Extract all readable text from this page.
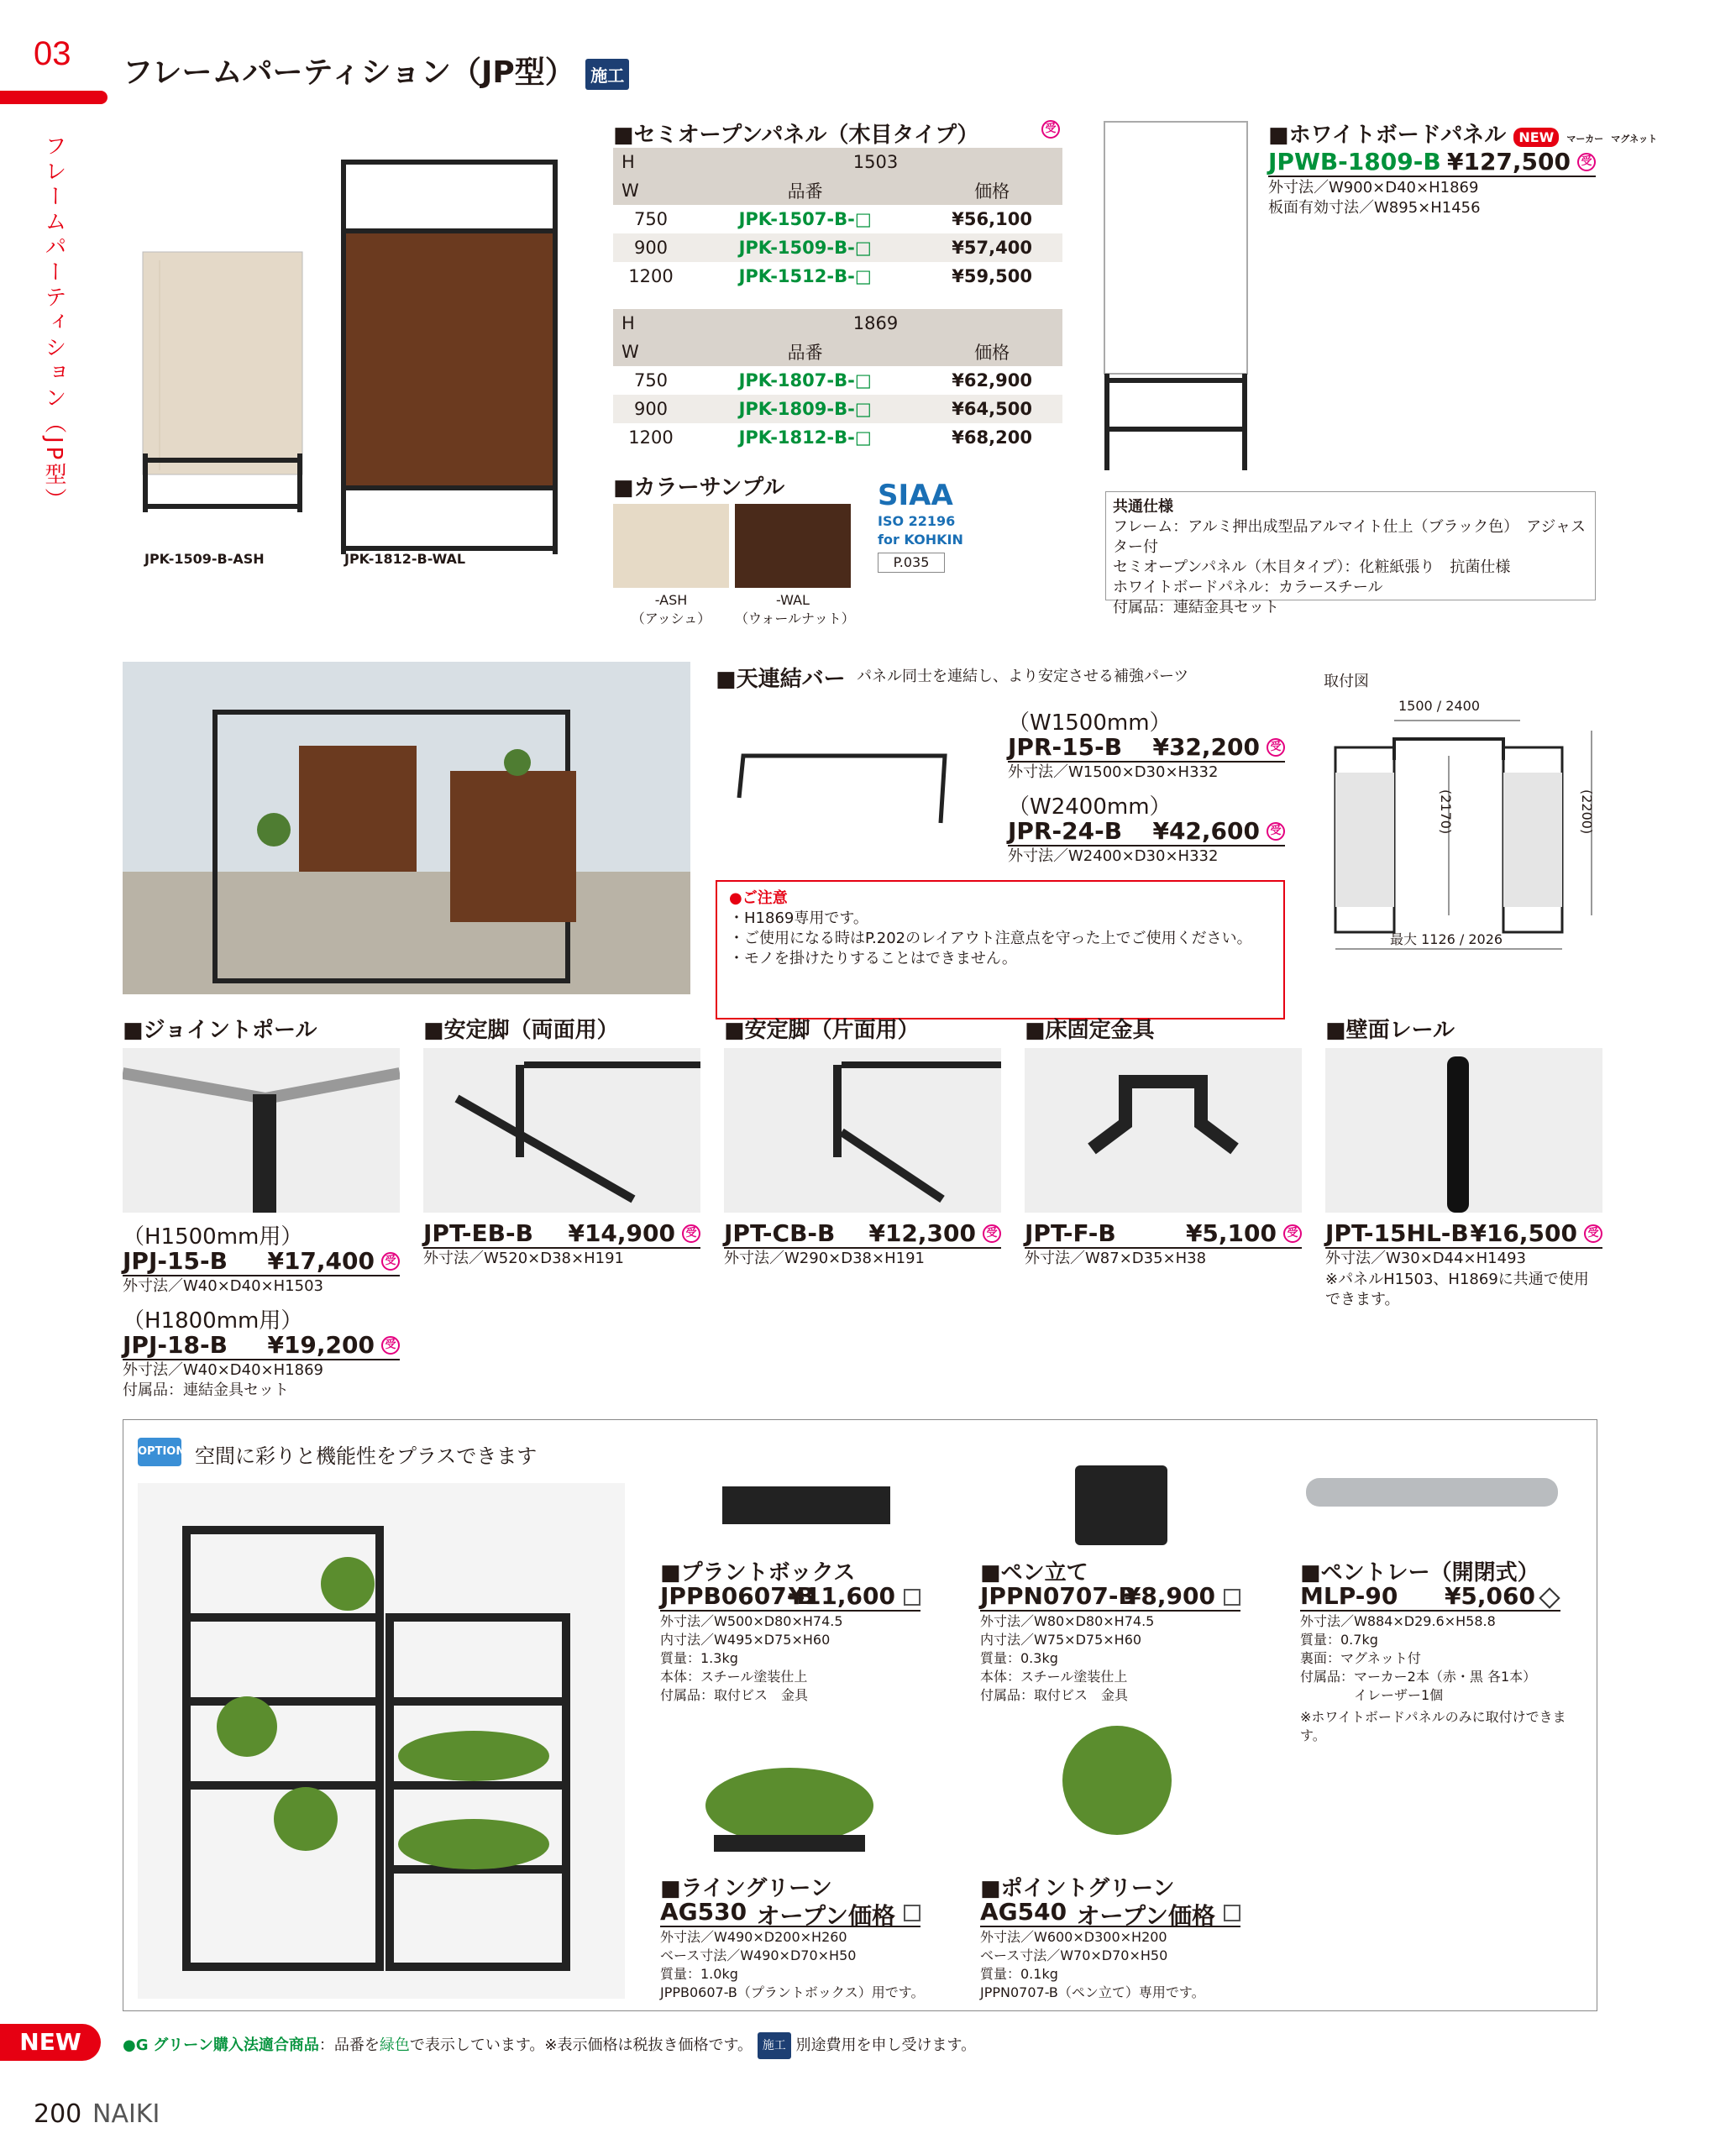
03
フレームパーティション（JP型）
フレームパーティション（JP型） 施工
JPK-1509-B-ASH	JPK-1812-B-WAL
■セミオープンパネル（木目タイプ）	受
H	1503	
W	品番	価格
750	JPK-1507-B-□	¥56,100
900	JPK-1509-B-□	¥57,400
1200	JPK-1512-B-□	¥59,500
H	1869	
W	品番	価格
750	JPK-1807-B-□	¥62,900
900	JPK-1809-B-□	¥64,500
1200	JPK-1812-B-□	¥68,200
■カラーサンプル
-ASH
（アッシュ）
-WAL
（ウォールナット）
SIAA
ISO 22196
for KOHKIN
P.035
■ホワイトボードパネル NEW マーカー マグネット
JPWB-1809-B ¥127,500 受
外寸法／W900×D40×H1869
板面有効寸法／W895×H1456
共通仕様
フレーム：アルミ押出成型品アルマイト仕上（ブラック色）　アジャスター付
セミオープンパネル（木目タイプ）：化粧紙張り　抗菌仕様
ホワイトボードパネル：カラースチール
付属品：連結金具セット
■天連結バー パネル同士を連結し、より安定させる補強パーツ
（W1500mm）
JPR-15-B ¥32,200 受
外寸法／W1500×D30×H332
（W2400mm）
JPR-24-B ¥42,600 受
外寸法／W2400×D30×H332
取付図
1500 / 2400
(2170)	(2200)
最大 1126 / 2026
●ご注意
・H1869専用です。
・ご使用になる時はP.202のレイアウト注意点を守った上でご使用ください。
・モノを掛けたりすることはできません。
■ジョイントポール	■安定脚（両面用）	■安定脚（片面用）	■床固定金具	■壁面レール
（H1500mm用）
JPJ-15-B ¥17,400 受
外寸法／W40×D40×H1503
（H1800mm用）
JPJ-18-B ¥19,200 受
外寸法／W40×D40×H1869
付属品：連結金具セット
JPT-EB-B ¥14,900 受
外寸法／W520×D38×H191
JPT-CB-B ¥12,300 受
外寸法／W290×D38×H191
JPT-F-B	¥5,100 受
外寸法／W87×D35×H38
JPT-15HL-B ¥16,500 受
外寸法／W30×D44×H1493
※パネルH1503、H1869に共通で使用できます。
OPTION 空間に彩りと機能性をプラスできます
■プラントボックス
JPPB0607-B
¥11,600
外寸法／W500×D80×H74.5
内寸法／W495×D75×H60
質量：1.3kg
本体：スチール塗装仕上
付属品：取付ビス　金具
■ペン立て
JPPN0707-B
¥8,900
外寸法／W80×D80×H74.5
内寸法／W75×D75×H60
質量：0.3kg
本体：スチール塗装仕上
付属品：取付ビス　金具
■ペントレー（開閉式）
MLP-90 ¥5,060
外寸法／W884×D29.6×H58.8
質量：0.7kg
裏面：マグネット付
付属品：マーカー2本（赤・黒 各1本）
　　　　イレーザー1個
※ホワイトボードパネルのみに取付けできます。
■ライングリーン
AG530 オープン価格
外寸法／W490×D200×H260
ベース寸法／W490×D70×H50
質量：1.0kg
JPPB0607-B（プラントボックス）用です。
■ポイントグリーン
AG540 オープン価格
外寸法／W600×D300×H200
ベース寸法／W70×D70×H50
質量：0.1kg
JPPN0707-B（ペン立て）専用です。
NEW	●G グリーン購入法適合商品：品番を緑色で表示しています。※表示価格は税抜き価格です。 施工 別途費用を申し受けます。
200 NAIKI
